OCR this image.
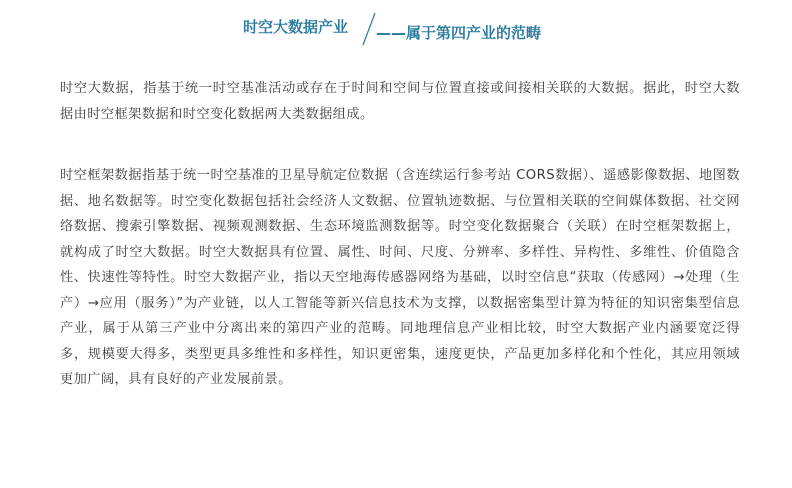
时空大数据产业 ——属于第四产业的范畴

时空大数据，指基于统一时空基准活动或存在于时间和空间与位置直接或间接相关联的大数据。据此，时空大数据由时空框架数据和时空变化数据两大类数据组成。

时空框架数据指基于统一时空基准的卫星导航定位数据（含连续运行参考站 CORS数据）、遥感影像数据、地图数据、地名数据等。时空变化数据包括社会经济人文数据、位置轨迹数据、与位置相关联的空间媒体数据、社交网络数据、搜索引擎数据、视频观测数据、生态环境监测数据等。时空变化数据聚合（关联）在时空框架数据上，就构成了时空大数据。时空大数据具有位置、属性、时间、尺度、分辨率、多样性、异构性、多维性、价值隐含性、快速性等特性。时空大数据产业，指以天空地海传感器网络为基础，以时空信息“获取（传感网）→处理（生产）→应用（服务）”为产业链，以人工智能等新兴信息技术为支撑，以数据密集型计算为特征的知识密集型信息产业，属于从第三产业中分离出来的第四产业的范畴。同地理信息产业相比较，时空大数据产业内涵要宽泛得多，规模要大得多，类型更具多维性和多样性，知识更密集，速度更快，产品更加多样化和个性化，其应用领域更加广阔，具有良好的产业发展前景。
